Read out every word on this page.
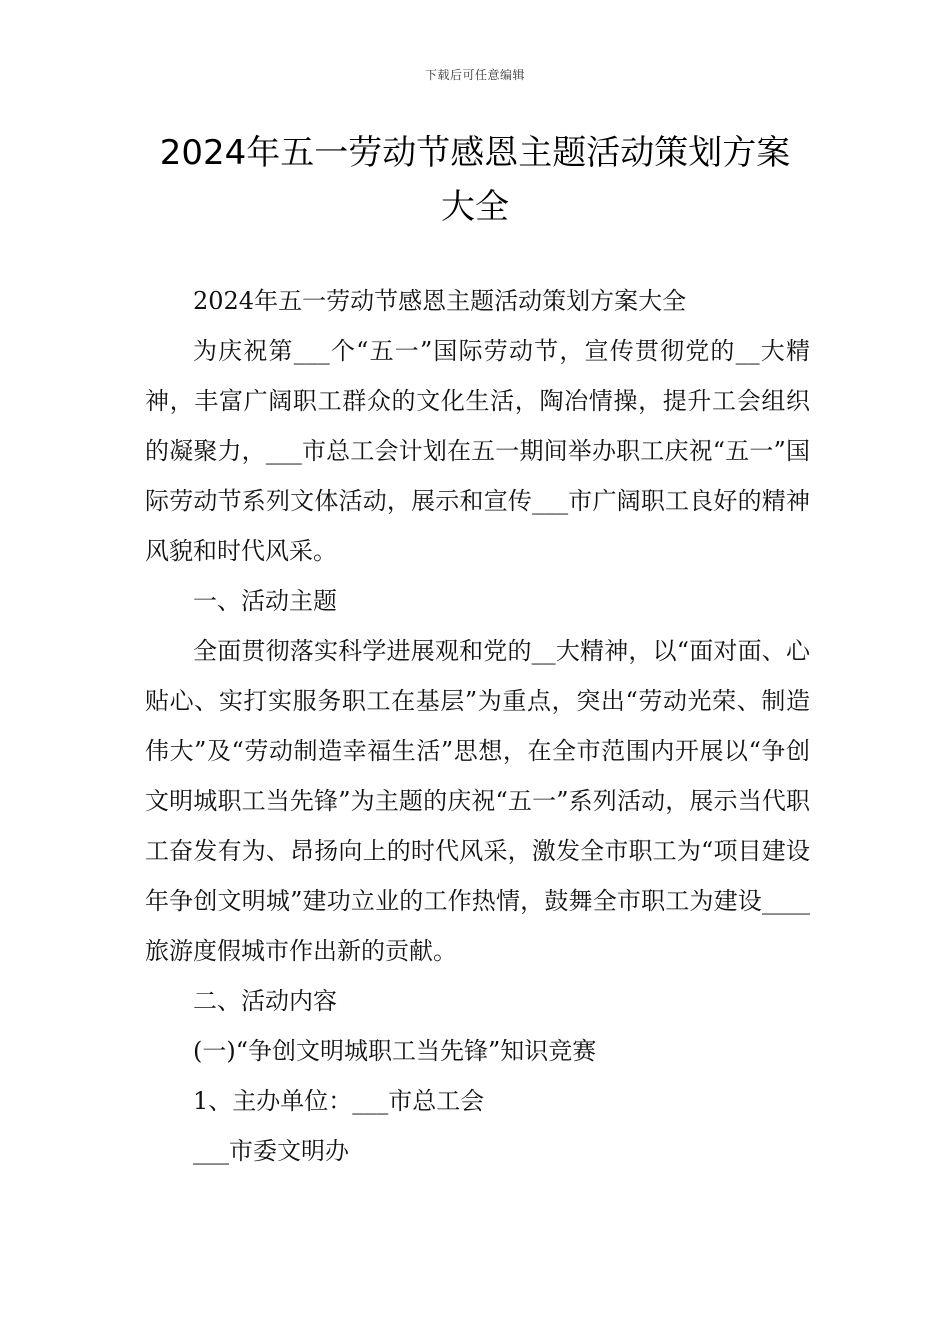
下载后可任意编辑
2024年五一劳动节感恩主题活动策划方案
大全

2024年五一劳动节感恩主题活动策划方案大全

为庆祝第___个“五一”国际劳动节，宣传贯彻党的__大精神，丰富广阔职工群众的文化生活，陶冶情操，提升工会组织的凝聚力，___市总工会计划在五一期间举办职工庆祝“五一”国际劳动节系列文体活动，展示和宣传___市广阔职工良好的精神风貌和时代风采。

一、活动主题

全面贯彻落实科学进展观和党的__大精神，以“面对面、心贴心、实打实服务职工在基层”为重点，突出“劳动光荣、制造伟大”及“劳动制造幸福生活”思想，在全市范围内开展以“争创文明城职工当先锋”为主题的庆祝“五一”系列活动，展示当代职工奋发有为、昂扬向上的时代风采，激发全市职工为“项目建设年争创文明城”建功立业的工作热情，鼓舞全市职工为建设____旅游度假城市作出新的贡献。

二、活动内容

(一)“争创文明城职工当先锋”知识竞赛

1、主办单位：___市总工会

___市委文明办
